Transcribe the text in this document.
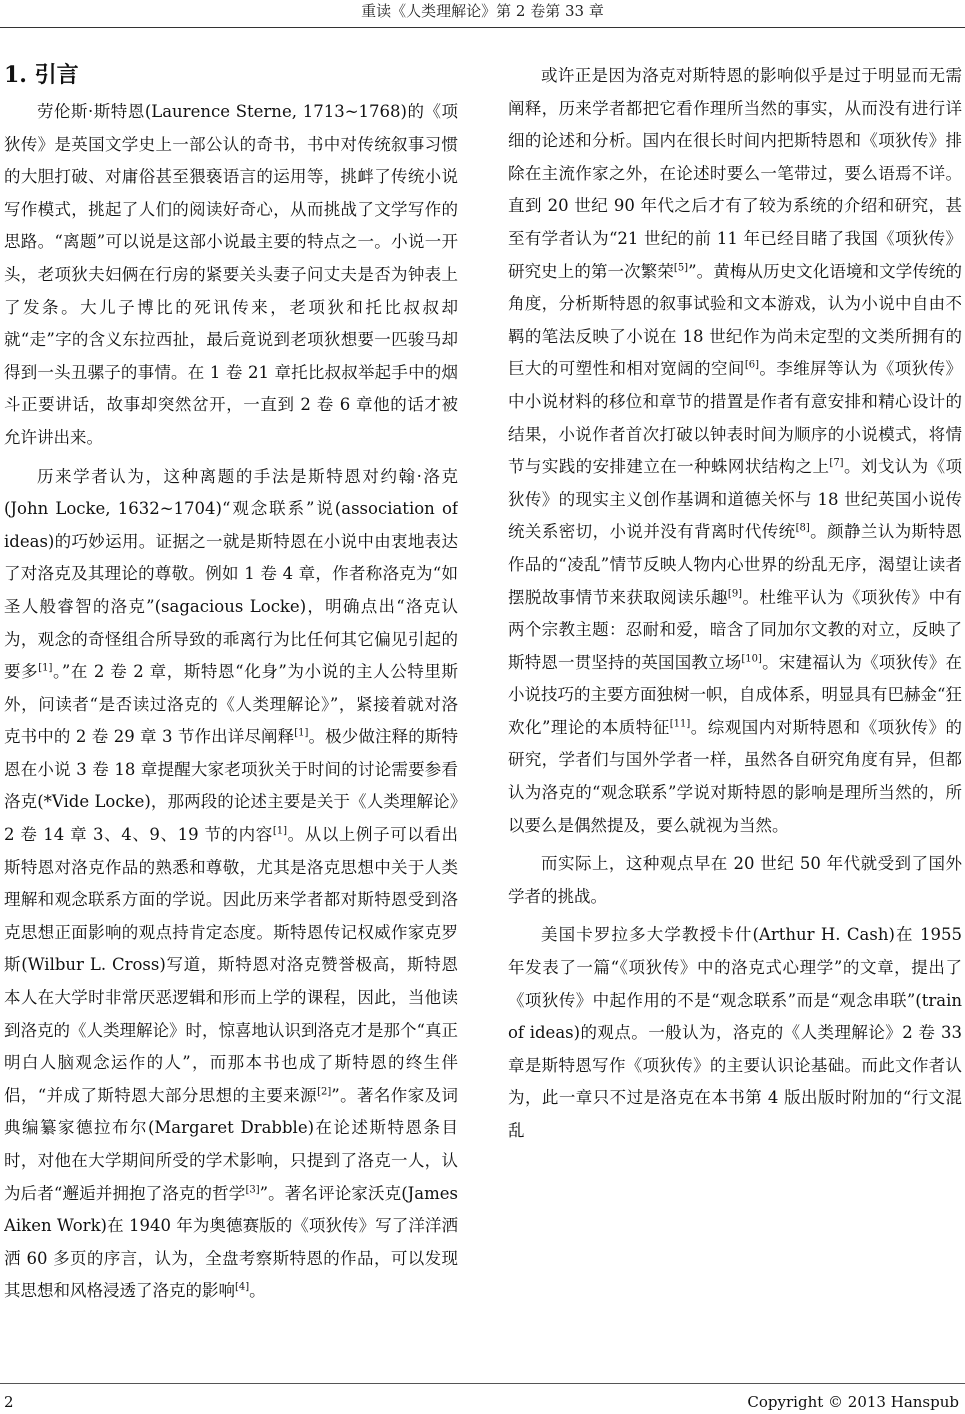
重读《人类理解论》第 2 卷第 33 章
1. 引言

劳伦斯·斯特恩(Laurence Sterne, 1713~1768)的《项狄传》是英国文学史上一部公认的奇书，书中对传统叙事习惯的大胆打破、对庸俗甚至猥亵语言的运用等，挑衅了传统小说写作模式，挑起了人们的阅读好奇心，从而挑战了文学写作的思路。“离题”可以说是这部小说最主要的特点之一。小说一开头，老项狄夫妇俩在行房的紧要关头妻子问丈夫是否为钟表上了发条。大儿子博比的死讯传来，老项狄和托比叔叔却就“走”字的含义东拉西扯，最后竟说到老项狄想要一匹骏马却得到一头丑骡子的事情。在 1 卷 21 章托比叔叔举起手中的烟斗正要讲话，故事却突然岔开，一直到 2 卷 6 章他的话才被允许讲出来。

历来学者认为，这种离题的手法是斯特恩对约翰·洛克(John Locke, 1632~1704)“观念联系”说(association of ideas)的巧妙运用。证据之一就是斯特恩在小说中由衷地表达了对洛克及其理论的尊敬。例如 1 卷 4 章，作者称洛克为“如圣人般睿智的洛克”(sagacious Locke)，明确点出“洛克认为，观念的奇怪组合所导致的乖离行为比任何其它偏见引起的要多[1]。”在 2 卷 2 章，斯特恩“化身”为小说的主人公特里斯外，问读者“是否读过洛克的《人类理解论》”，紧接着就对洛克书中的 2 卷 29 章 3 节作出详尽阐释[1]。极少做注释的斯特恩在小说 3 卷 18 章提醒大家老项狄关于时间的讨论需要参看洛克(*Vide Locke)，那两段的论述主要是关于《人类理解论》2 卷 14 章 3、4、9、19 节的内容[1]。从以上例子可以看出斯特恩对洛克作品的熟悉和尊敬，尤其是洛克思想中关于人类理解和观念联系方面的学说。因此历来学者都对斯特恩受到洛克思想正面影响的观点持肯定态度。斯特恩传记权威作家克罗斯(Wilbur L. Cross)写道，斯特恩对洛克赞誉极高，斯特恩本人在大学时非常厌恶逻辑和形而上学的课程，因此，当他读到洛克的《人类理解论》时，惊喜地认识到洛克才是那个“真正明白人脑观念运作的人”，而那本书也成了斯特恩的终生伴侣，“并成了斯特恩大部分思想的主要来源[2]”。著名作家及词典编纂家德拉布尔(Margaret Drabble)在论述斯特恩条目时，对他在大学期间所受的学术影响，只提到了洛克一人，认为后者“邂逅并拥抱了洛克的哲学[3]”。著名评论家沃克(James Aiken Work)在 1940 年为奥德赛版的《项狄传》写了洋洋洒洒 60 多页的序言，认为，全盘考察斯特恩的作品，可以发现其思想和风格浸透了洛克的影响[4]。

或许正是因为洛克对斯特恩的影响似乎是过于明显而无需阐释，历来学者都把它看作理所当然的事实，从而没有进行详细的论述和分析。国内在很长时间内把斯特恩和《项狄传》排除在主流作家之外，在论述时要么一笔带过，要么语焉不详。直到 20 世纪 90 年代之后才有了较为系统的介绍和研究，甚至有学者认为“21 世纪的前 11 年已经目睹了我国《项狄传》研究史上的第一次繁荣[5]”。黄梅从历史文化语境和文学传统的角度，分析斯特恩的叙事试验和文本游戏，认为小说中自由不羁的笔法反映了小说在 18 世纪作为尚未定型的文类所拥有的巨大的可塑性和相对宽阔的空间[6]。李维屏等认为《项狄传》中小说材料的移位和章节的措置是作者有意安排和精心设计的结果，小说作者首次打破以钟表时间为顺序的小说模式，将情节与实践的安排建立在一种蛛网状结构之上[7]。刘戈认为《项狄传》的现实主义创作基调和道德关怀与 18 世纪英国小说传统关系密切，小说并没有背离时代传统[8]。颜静兰认为斯特恩作品的“凌乱”情节反映人物内心世界的纷乱无序，渴望让读者摆脱故事情节来获取阅读乐趣[9]。杜维平认为《项狄传》中有两个宗教主题：忍耐和爱，暗含了同加尔文教的对立，反映了斯特恩一贯坚持的英国国教立场[10]。宋建福认为《项狄传》在小说技巧的主要方面独树一帜，自成体系，明显具有巴赫金“狂欢化”理论的本质特征[11]。综观国内对斯特恩和《项狄传》的研究，学者们与国外学者一样，虽然各自研究角度有异，但都认为洛克的“观念联系”学说对斯特恩的影响是理所当然的，所以要么是偶然提及，要么就视为当然。

而实际上，这种观点早在 20 世纪 50 年代就受到了国外学者的挑战。

美国卡罗拉多大学教授卡什(Arthur H. Cash)在 1955 年发表了一篇“《项狄传》中的洛克式心理学”的文章，提出了《项狄传》中起作用的不是“观念联系”而是“观念串联”(train of ideas)的观点。一般认为，洛克的《人类理解论》2 卷 33 章是斯特恩写作《项狄传》的主要认识论基础。而此文作者认为，此一章只不过是洛克在本书第 4 版出版时附加的“行文混乱

2	Copyright © 2013 Hanspub
